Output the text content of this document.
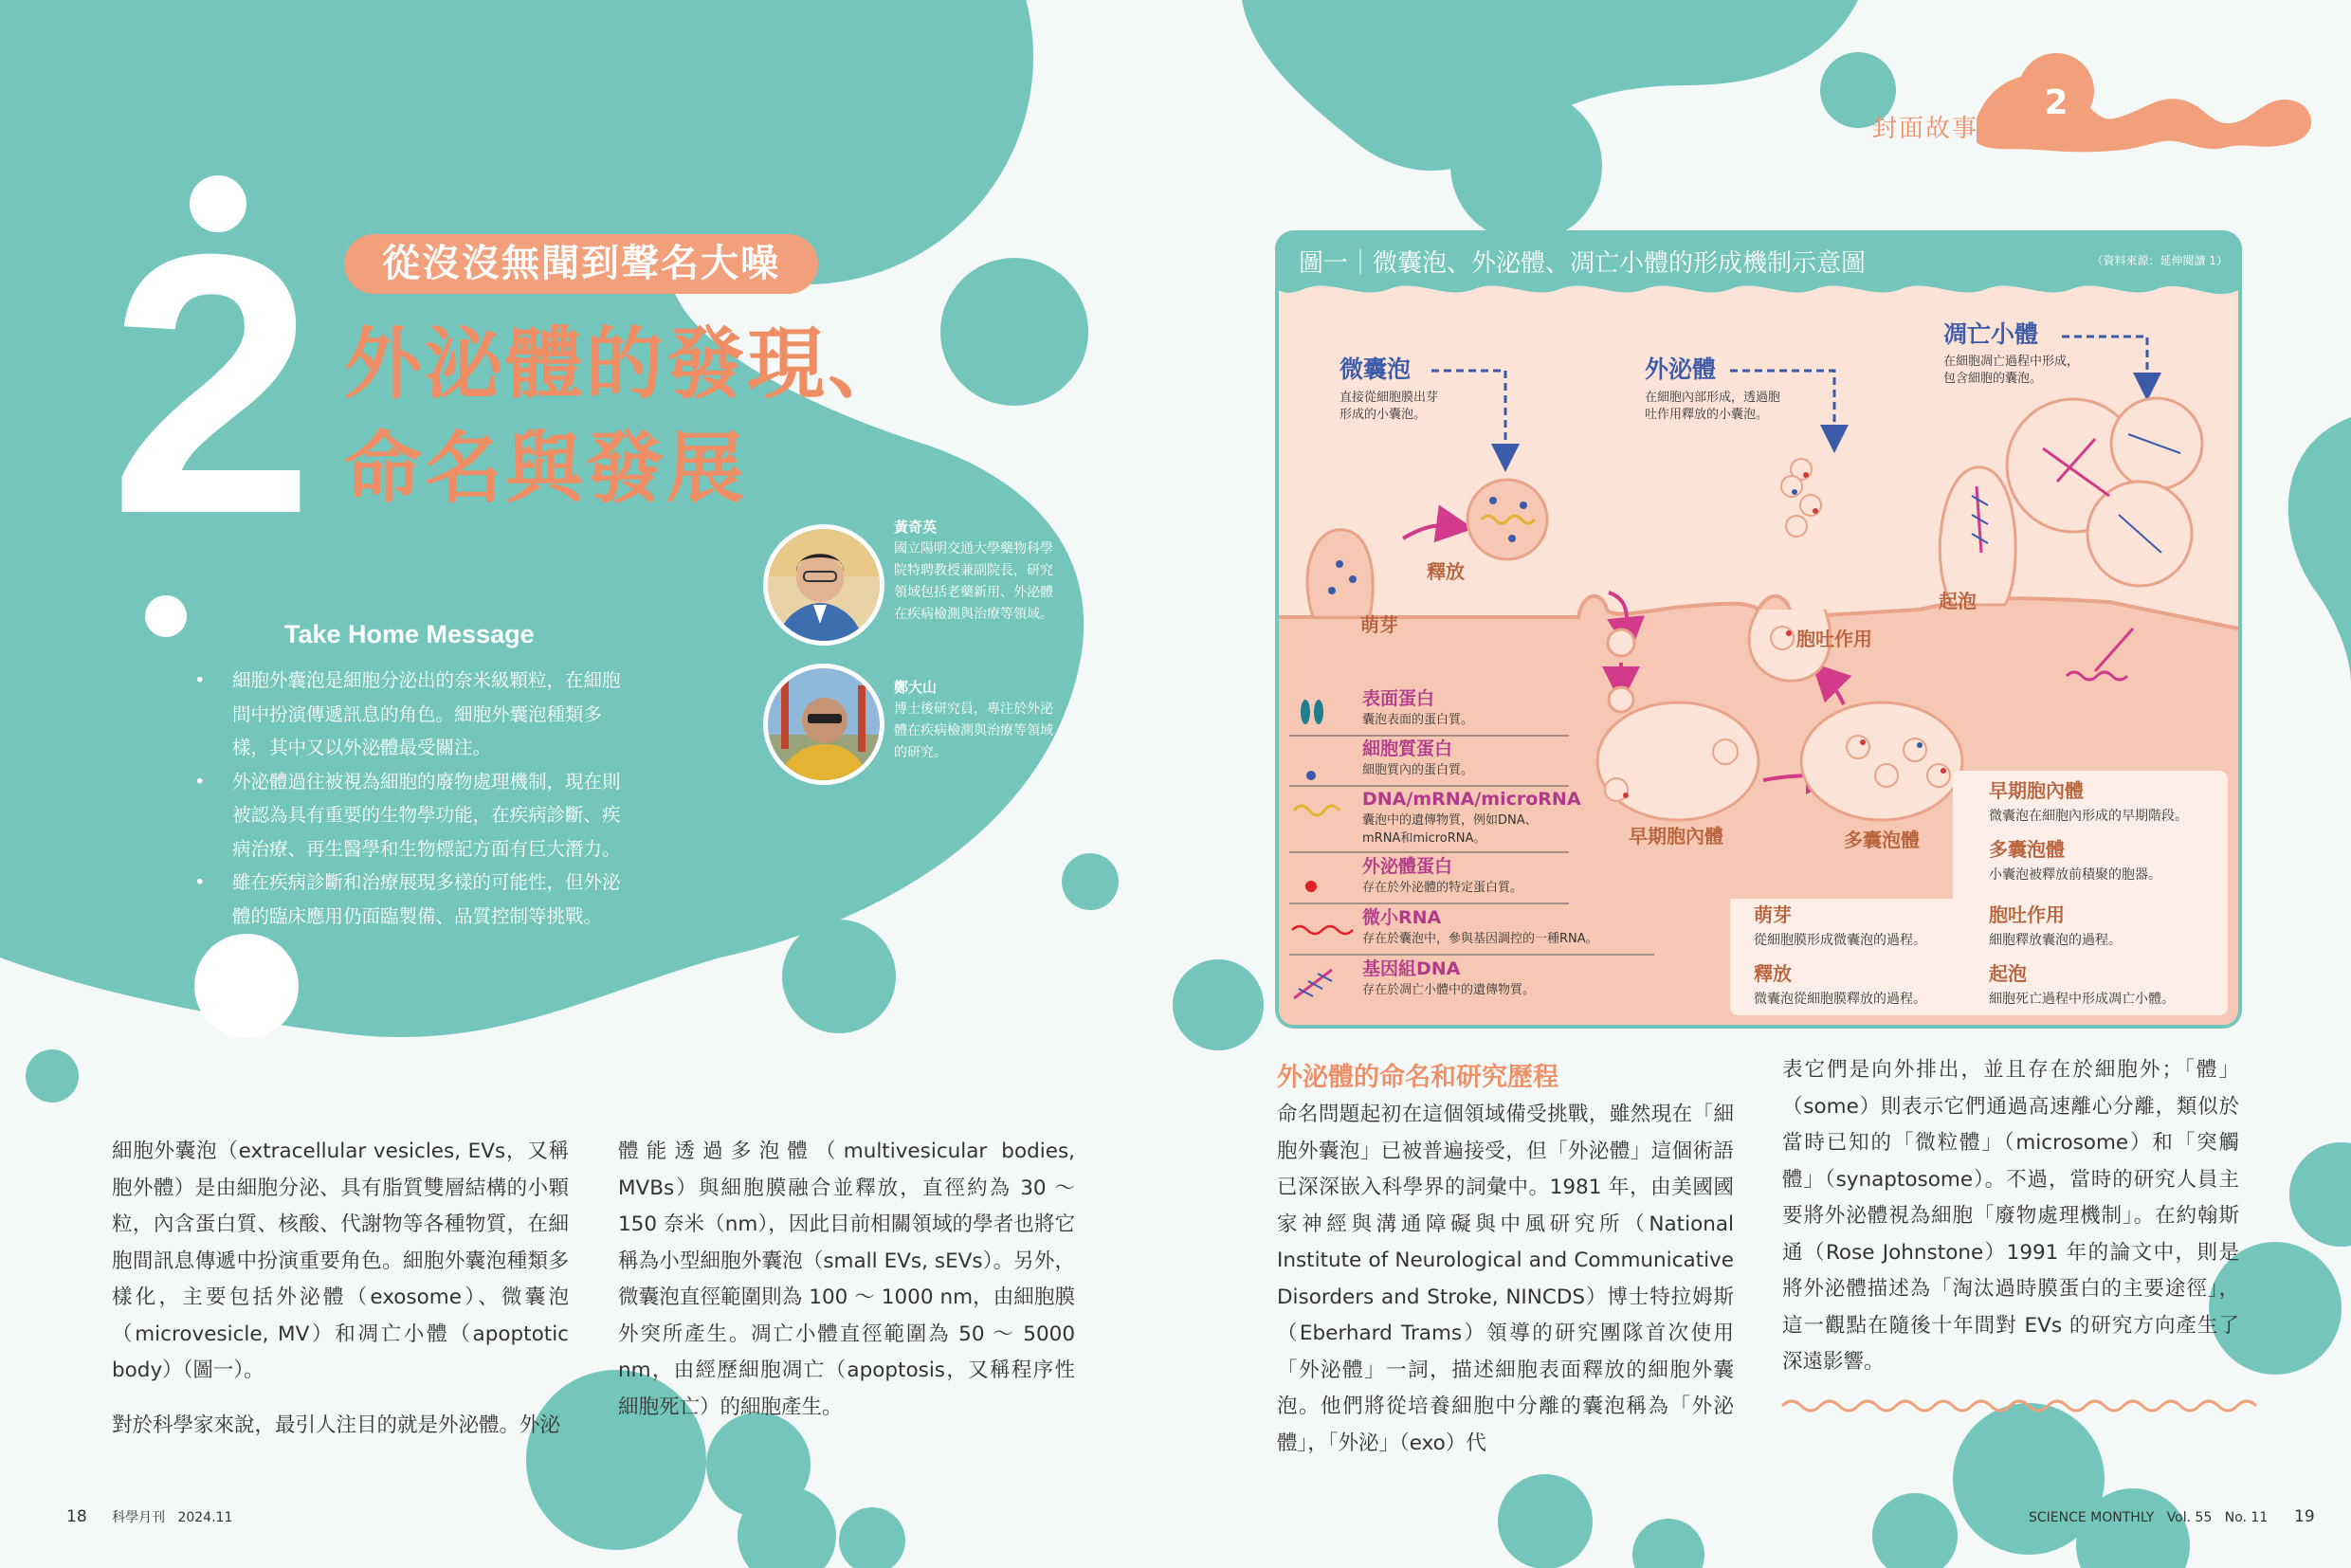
封面故事
2
2	從沒沒無聞到聲名大噪
外泌體的發現、
命名與發展
黃奇英
國立陽明交通大學藥物科學院特聘教授兼副院長，研究領域包括老藥新用、外泌體在疾病檢測與治療等領域。
鄭大山
博士後研究員，專注於外泌體在疾病檢測與治療等領域的研究。
Take Home Message
• 細胞外囊泡是細胞分泌出的奈米級顆粒，在細胞間中扮演傳遞訊息的角色。細胞外囊泡種類多樣，其中又以外泌體最受關注。
• 外泌體過往被視為細胞的廢物處理機制，現在則被認為具有重要的生物學功能，在疾病診斷、疾病治療、再生醫學和生物標記方面有巨大潛力。
• 雖在疾病診斷和治療展現多樣的可能性，但外泌體的臨床應用仍面臨製備、品質控制等挑戰。
圖一｜微囊泡、外泌體、凋亡小體的形成機制示意圖	（資料來源：延伸閱讀 1）
微囊泡
直接從細胞膜出芽
形成的小囊泡。
外泌體
在細胞內部形成，透過胞
吐作用釋放的小囊泡。
凋亡小體
在細胞凋亡過程中形成，
包含細胞的囊泡。
釋放
萌芽
早期胞內體	多囊泡體
胞吐作用
起泡
表面蛋白
囊泡表面的蛋白質。
細胞質蛋白
細胞質內的蛋白質。
DNA/mRNA/microRNA
囊泡中的遺傳物質，例如DNA、
mRNA和microRNA。
外泌體蛋白
存在於外泌體的特定蛋白質。
微小RNA
存在於囊泡中，參與基因調控的一種RNA。
基因組DNA
存在於凋亡小體中的遺傳物質。
早期胞內體
微囊泡在細胞內形成的早期階段。
多囊泡體
小囊泡被釋放前積聚的胞器。
萌芽
從細胞膜形成微囊泡的過程。
胞吐作用
細胞釋放囊泡的過程。
釋放
微囊泡從細胞膜釋放的過程。
起泡
細胞死亡過程中形成凋亡小體。

細胞外囊泡（extracellular vesicles, EVs，又稱胞外體）是由細胞分泌、具有脂質雙層結構的小顆粒，內含蛋白質、核酸、代謝物等各種物質，在細胞間訊息傳遞中扮演重要角色。細胞外囊泡種類多樣化，主要包括外泌體（exosome）、微囊泡（microvesicle, MV）和凋亡小體（apoptotic body）（圖一）。

對於科學家來說，最引人注目的就是外泌體。外泌

體能透過多泡體（multivesicular bodies, MVBs）與細胞膜融合並釋放，直徑約為 30 ～ 150 奈米（nm），因此目前相關領域的學者也將它稱為小型細胞外囊泡（small EVs, sEVs）。另外，微囊泡直徑範圍則為 100 ～ 1000 nm，由細胞膜外突所產生。凋亡小體直徑範圍為 50 ～ 5000 nm，由經歷細胞凋亡（apoptosis，又稱程序性細胞死亡）的細胞產生。

外泌體的命名和研究歷程

命名問題起初在這個領域備受挑戰，雖然現在「細胞外囊泡」已被普遍接受，但「外泌體」這個術語已深深嵌入科學界的詞彙中。1981 年，由美國國家神經與溝通障礙與中風研究所（National Institute of Neurological and Communicative Disorders and Stroke, NINCDS）博士特拉姆斯（Eberhard Trams）領導的研究團隊首次使用「外泌體」一詞，描述細胞表面釋放的細胞外囊泡。他們將從培養細胞中分離的囊泡稱為「外泌體」，「外泌」（exo）代

表它們是向外排出，並且存在於細胞外；「體」（some）則表示它們通過高速離心分離，類似於當時已知的「微粒體」（microsome）和「突觸體」（synaptosome）。不過，當時的研究人員主要將外泌體視為細胞「廢物處理機制」。在約翰斯通（Rose Johnstone）1991 年的論文中，則是將外泌體描述為「淘汰過時膜蛋白的主要途徑」，這一觀點在隨後十年間對 EVs 的研究方向產生了深遠影響。

18 科學月刊 2024.11	SCIENCE MONTHLY Vol. 55 No. 11 19
